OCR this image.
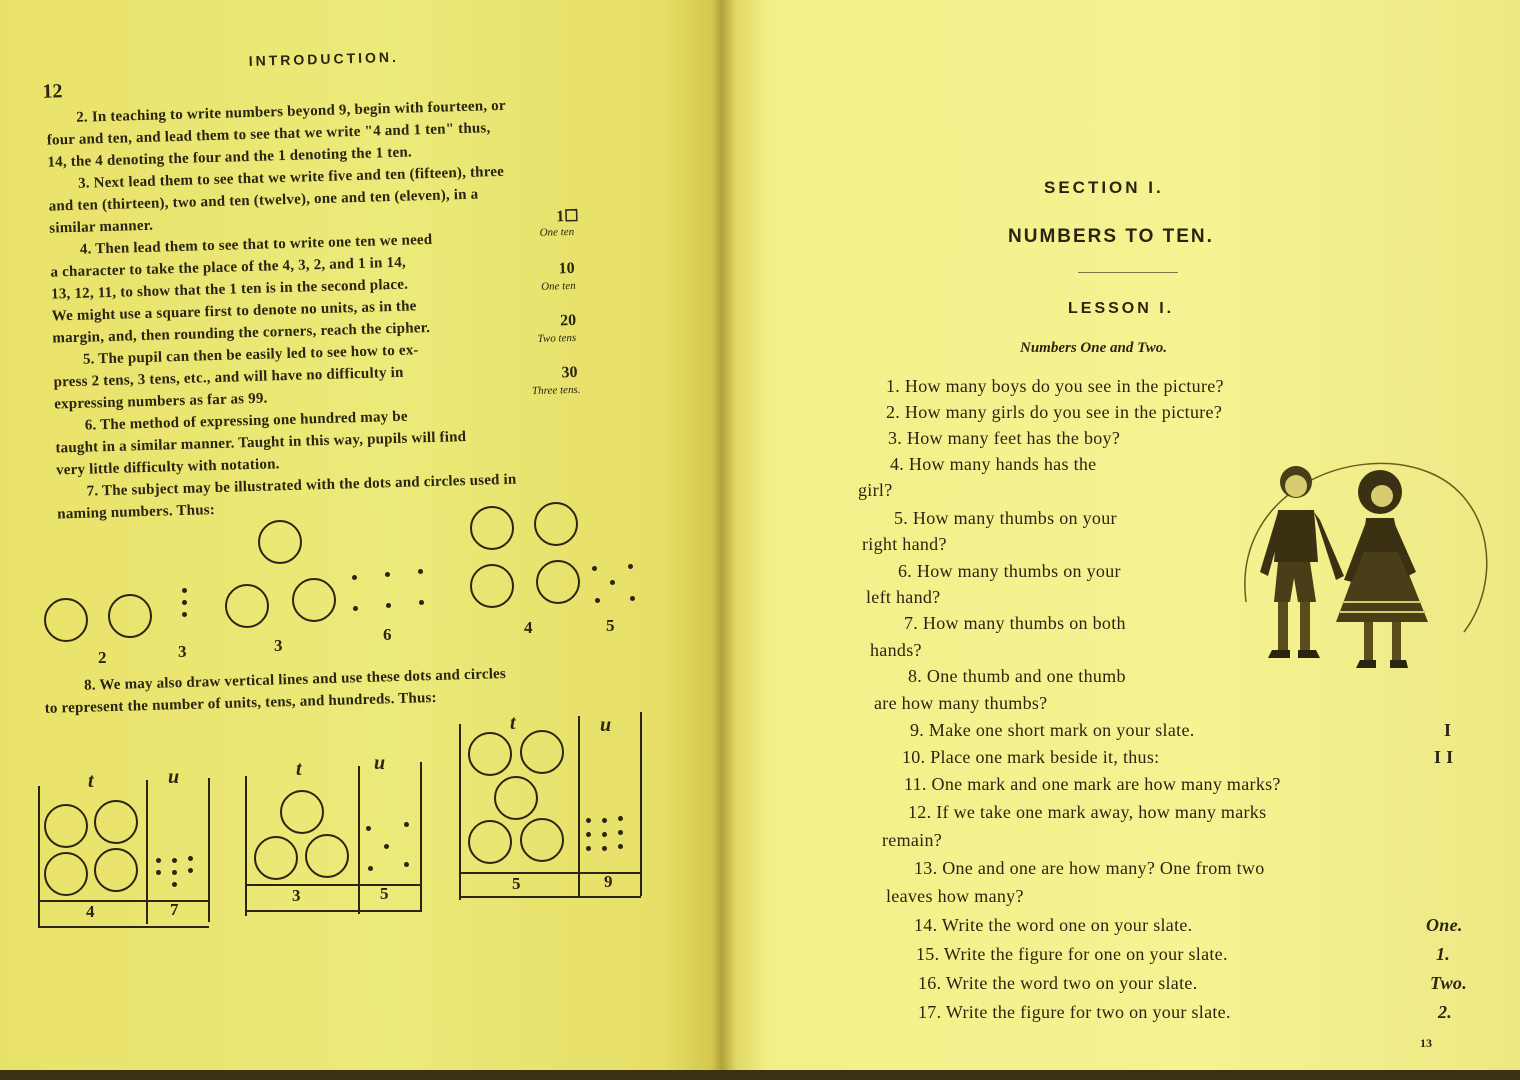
12
INTRODUCTION.
2. In teaching to write numbers beyond 9, begin with fourteen, or
four and ten, and lead them to see that we write "4 and 1 ten" thus,
14, the 4 denoting the four and the 1 denoting the 1 ten.
3. Next lead them to see that we write five and ten (fifteen), three
and ten (thirteen), two and ten (twelve), one and ten (eleven), in a
similar manner.
4. Then lead them to see that to write one ten we need
a character to take the place of the 4, 3, 2, and 1 in 14,
13, 12, 11, to show that the 1 ten is in the second place.
We might use a square first to denote no units, as in the
margin, and, then rounding the corners, reach the cipher.
5. The pupil can then be easily led to see how to ex-
press 2 tens, 3 tens, etc., and will have no difficulty in
expressing numbers as far as 99.
6. The method of expressing one hundred may be
taught in a similar manner. Taught in this way, pupils will find
very little difficulty with notation.
7. The subject may be illustrated with the dots and circles used in
naming numbers. Thus:
1☐
One ten
10
One ten
20
Two tens
30
Three tens.
2	3	3
6	4	5
8. We may also draw vertical lines and use these dots and circles
to represent the number of units, tens, and hundreds. Thus:
t	u
4	7
t	u
3	5
t	u
5	9
SECTION I.
NUMBERS TO TEN.
LESSON I.
Numbers One and Two.
1. How many boys do you see in the picture?
2. How many girls do you see in the picture?
3. How many feet has the boy?
4. How many hands has the
girl?
5. How many thumbs on your
right hand?
6. How many thumbs on your
left hand?
7. How many thumbs on both
hands?
8. One thumb and one thumb
are how many thumbs?
9. Make one short mark on your slate.
10. Place one mark beside it, thus:
11. One mark and one mark are how many marks?
12. If we take one mark away, how many marks
remain?
13. One and one are how many? One from two
leaves how many?
14. Write the word one on your slate.
15. Write the figure for one on your slate.
16. Write the word two on your slate.
17. Write the figure for two on your slate.
I
I I
One.
1.
Two.
2.
13
